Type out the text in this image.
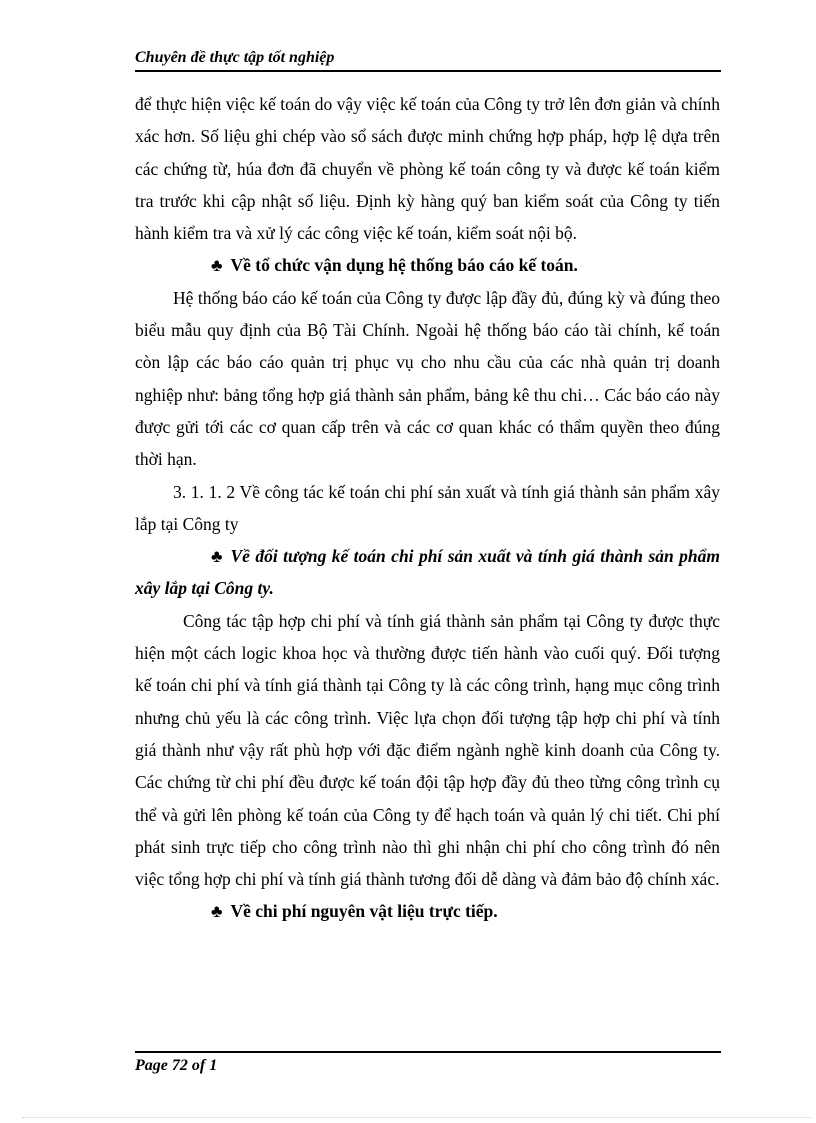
Chuyên đề thực tập tốt nghiệp

để thực hiện việc kế toán do vậy việc kế toán của Công ty trở lên đơn giản và chính xác hơn. Số liệu ghi chép vào sổ sách được minh chứng hợp pháp, hợp lệ dựa trên các chứng từ, húa đơn đã chuyển về phòng kế toán công ty và được kế toán kiểm tra trước khi cập nhật số liệu. Định kỳ hàng quý ban kiểm soát của Công ty tiến hành kiểm tra và xử lý các công việc kế toán, kiểm soát nội bộ.

♣ Về tổ chức vận dụng hệ thống báo cáo kế toán.

Hệ thống báo cáo kế toán của Công ty được lập đầy đủ, đúng kỳ và đúng theo biểu mẫu quy định của Bộ Tài Chính. Ngoài hệ thống báo cáo tài chính, kế toán còn lập các báo cáo quản trị phục vụ cho nhu cầu của các nhà quản trị doanh nghiệp như: bảng tổng hợp giá thành sản phẩm, bảng kê thu chi… Các báo cáo này được gửi tới các cơ quan cấp trên và các cơ quan khác có thẩm quyền theo đúng thời hạn.

3. 1. 1. 2 Về công tác kế toán chi phí sản xuất và tính giá thành sản phẩm xây lắp tại Công ty

♣ Về đối tượng kế toán chi phí sản xuất và tính giá thành sản phẩm xây lắp tại Công ty.

Công tác tập hợp chi phí và tính giá thành sản phẩm tại Công ty được thực hiện một cách logic khoa học và thường được tiến hành vào cuối quý. Đối tượng kế toán chi phí và tính giá thành tại Công ty là các công trình, hạng mục công trình nhưng chủ yếu là các công trình. Việc lựa chọn đối tượng tập hợp chi phí và tính giá thành như vậy rất phù hợp với đặc điểm ngành nghề kinh doanh của Công ty. Các chứng từ chi phí đều được kế toán đội tập hợp đầy đủ theo từng công trình cụ thể và gửi lên phòng kế toán của Công ty để hạch toán và quản lý chi tiết. Chi phí phát sinh trực tiếp cho công trình nào thì ghi nhận chi phí cho công trình đó nên việc tổng hợp chi phí và tính giá thành tương đối dễ dàng và đảm bảo độ chính xác.

♣ Về chi phí nguyên vật liệu trực tiếp.

Page 72 of 1
